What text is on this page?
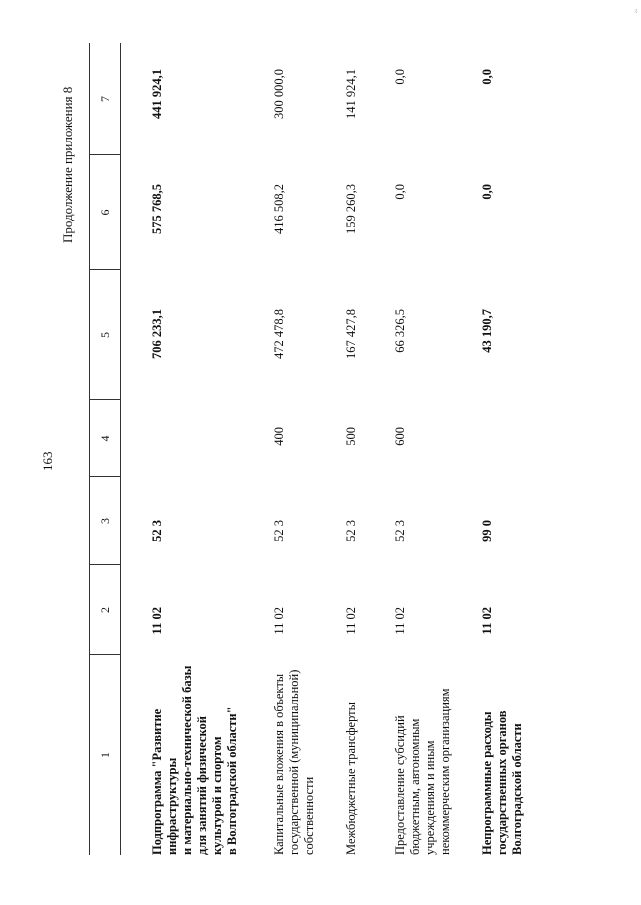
163
Продолжение приложения 8
1
2
3
4
5
6
7
Подпрограмма "Развитие инфраструктуры и материально-технической базы для занятий физической культурой и спортом в Волгоградской области"
11 02
52 3
706 233,1
575 768,5
441 924,1
Капитальные вложения в объекты государственной (муниципальной) собственности
11 02
52 3
400
472 478,8
416 508,2
300 000,0
Межбюджетные трансферты
11 02
52 3
500
167 427,8
159 260,3
141 924,1
Предоставление субсидий бюджетным, автономным учреждениям и иным некоммерческим организациям
11 02
52 3
600
66 326,5
0,0
0,0
Непрограммные расходы государственных органов Волгоградской области
11 02
99 0
43 190,7
0,0
0,0
~
